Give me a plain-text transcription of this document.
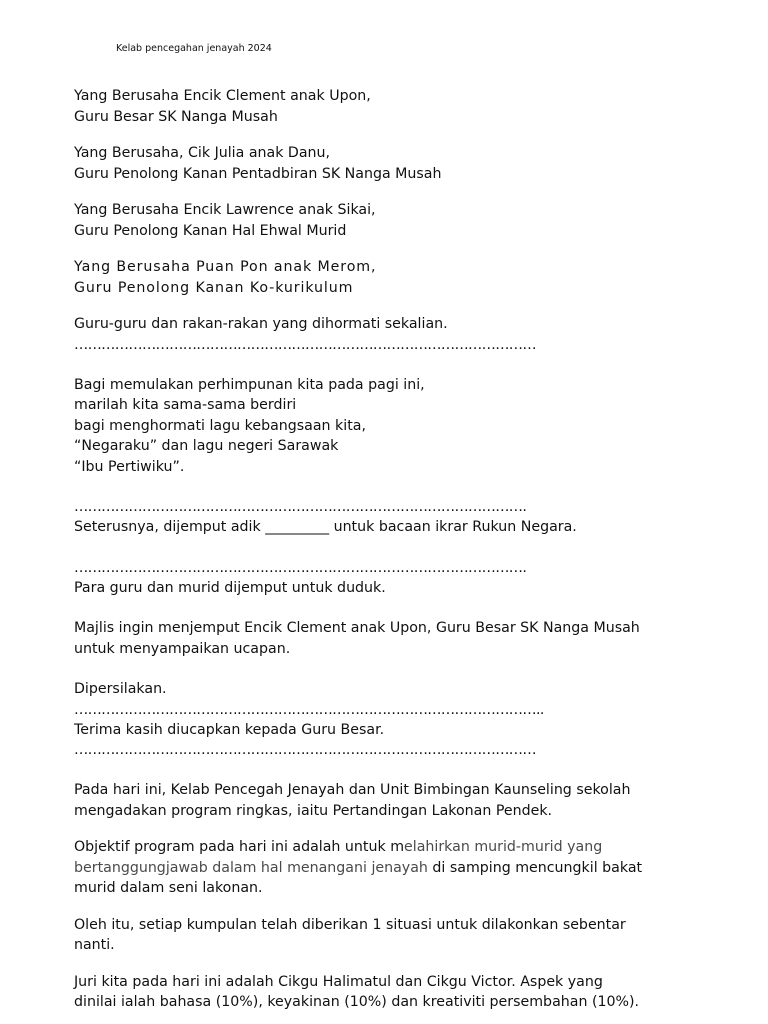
Kelab pencegahan jenayah 2024

Yang Berusaha Encik Clement anak Upon,

Guru Besar SK Nanga Musah

Yang Berusaha, Cik Julia anak Danu,

Guru Penolong Kanan Pentadbiran SK Nanga Musah

Yang Berusaha Encik Lawrence anak Sikai,

Guru Penolong Kanan Hal Ehwal Murid

Yang Berusaha Puan Pon anak Merom,

Guru Penolong Kanan Ko-kurikulum

Guru-guru dan rakan-rakan yang dihormati sekalian.

…………………………………………………………………………………………

Bagi memulakan perhimpunan kita pada pagi ini,

marilah kita sama-sama berdiri

bagi menghormati lagu kebangsaan kita,

“Negaraku” dan lagu negeri Sarawak

“Ibu Pertiwiku”.

……………………………………………………………………………………….

Seterusnya, dijemput adik _________ untuk bacaan ikrar Rukun Negara.

……………………………………………………………………………………….

Para guru dan murid dijemput untuk duduk.

Majlis ingin menjemput Encik Clement anak Upon, Guru Besar SK Nanga Musah

untuk menyampaikan ucapan.

Dipersilakan.

…………………………………………………………………………………………..

Terima kasih diucapkan kepada Guru Besar.

…………………………………………………………………………………………

Pada hari ini, Kelab Pencegah Jenayah dan Unit Bimbingan Kaunseling sekolah

mengadakan program ringkas, iaitu Pertandingan Lakonan Pendek.

Objektif program pada hari ini adalah untuk melahirkan murid-murid yang

bertanggungjawab dalam hal menangani jenayah di samping mencungkil bakat

murid dalam seni lakonan.

Oleh itu, setiap kumpulan telah diberikan 1 situasi untuk dilakonkan sebentar

nanti.

Juri kita pada hari ini adalah Cikgu Halimatul dan Cikgu Victor. Aspek yang

dinilai ialah bahasa (10%), keyakinan (10%) dan kreativiti persembahan (10%).
